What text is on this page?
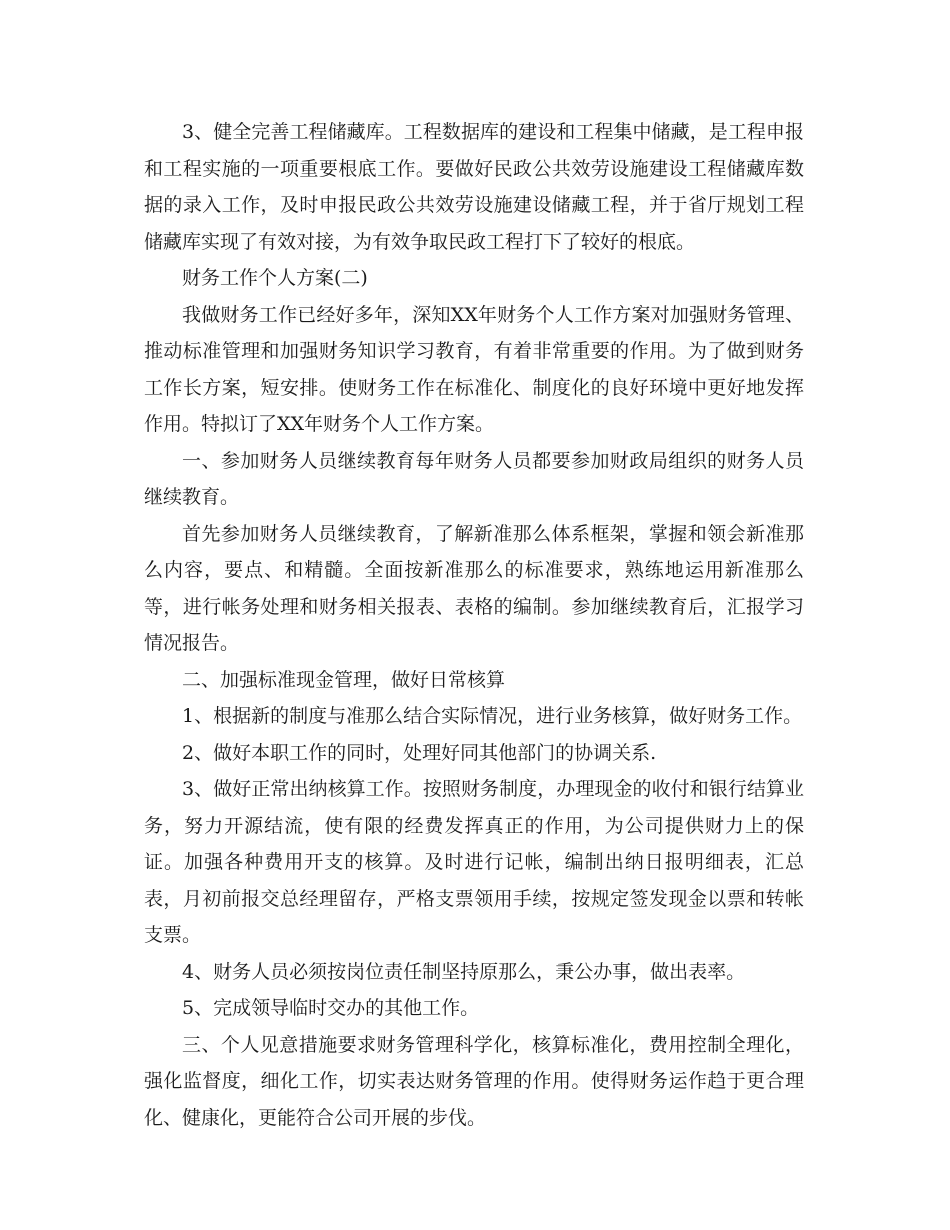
3、健全完善工程储藏库。工程数据库的建设和工程集中储藏，是工程申报和工程实施的一项重要根底工作。要做好民政公共效劳设施建设工程储藏库数据的录入工作，及时申报民政公共效劳设施建设储藏工程，并于省厅规划工程储藏库实现了有效对接，为有效争取民政工程打下了较好的根底。

财务工作个人方案(二)

我做财务工作已经好多年，深知XX年财务个人工作方案对加强财务管理、推动标准管理和加强财务知识学习教育，有着非常重要的作用。为了做到财务工作长方案，短安排。使财务工作在标准化、制度化的良好环境中更好地发挥作用。特拟订了XX年财务个人工作方案。

一、参加财务人员继续教育每年财务人员都要参加财政局组织的财务人员继续教育。

首先参加财务人员继续教育，了解新准那么体系框架，掌握和领会新准那么内容，要点、和精髓。全面按新准那么的标准要求，熟练地运用新准那么等，进行帐务处理和财务相关报表、表格的编制。参加继续教育后，汇报学习情况报告。

二、加强标准现金管理，做好日常核算

1、根据新的制度与准那么结合实际情况，进行业务核算，做好财务工作。

2、做好本职工作的同时，处理好同其他部门的协调关系.

3、做好正常出纳核算工作。按照财务制度，办理现金的收付和银行结算业务，努力开源结流，使有限的经费发挥真正的作用，为公司提供财力上的保证。加强各种费用开支的核算。及时进行记帐，编制出纳日报明细表，汇总表，月初前报交总经理留存，严格支票领用手续，按规定签发现金以票和转帐支票。

4、财务人员必须按岗位责任制坚持原那么，秉公办事，做出表率。

5、完成领导临时交办的其他工作。

三、个人见意措施要求财务管理科学化，核算标准化，费用控制全理化，强化监督度，细化工作，切实表达财务管理的作用。使得财务运作趋于更合理化、健康化，更能符合公司开展的步伐。
